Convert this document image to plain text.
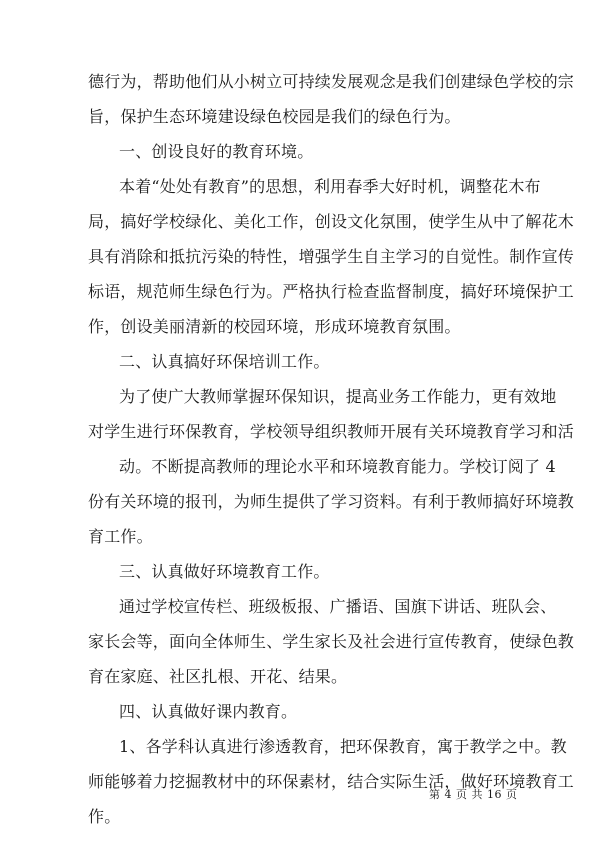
德行为，帮助他们从小树立可持续发展观念是我们创建绿色学校的宗
旨，保护生态环境建设绿色校园是我们的绿色行为。
一、创设良好的教育环境。
本着“处处有教育”的思想，利用春季大好时机，调整花木布
局，搞好学校绿化、美化工作，创设文化氛围，使学生从中了解花木
具有消除和抵抗污染的特性，增强学生自主学习的自觉性。制作宣传
标语，规范师生绿色行为。严格执行检查监督制度，搞好环境保护工
作，创设美丽清新的校园环境，形成环境教育氛围。
二、认真搞好环保培训工作。
为了使广大教师掌握环保知识，提高业务工作能力，更有效地
对学生进行环保教育，学校领导组织教师开展有关环境教育学习和活
动。不断提高教师的理论水平和环境教育能力。学校订阅了 4
份有关环境的报刊，为师生提供了学习资料。有利于教师搞好环境教
育工作。
三、认真做好环境教育工作。
通过学校宣传栏、班级板报、广播语、国旗下讲话、班队会、
家长会等，面向全体师生、学生家长及社会进行宣传教育，使绿色教
育在家庭、社区扎根、开花、结果。
四、认真做好课内教育。
1、各学科认真进行渗透教育，把环保教育，寓于教学之中。教
师能够着力挖掘教材中的环保素材，结合实际生活，做好环境教育工
作。
第 4 页 共 16 页
